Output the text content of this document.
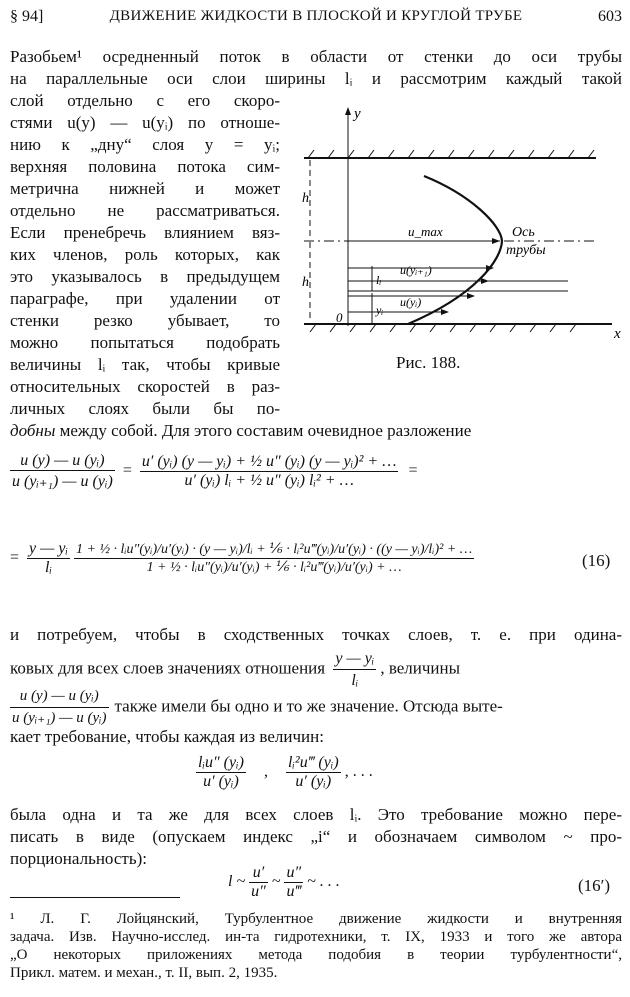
§ 94]	ДВИЖЕНИЕ ЖИДКОСТИ В ПЛОСКОЙ И КРУГЛОЙ ТРУБЕ	603
Разобьем¹ осредненный поток в области от стенки до оси трубы
на параллельные оси слои ширины lᵢ и рассмотрим каждый такой
слой отдельно с его скоро-
стями u(y) — u(yᵢ) по отноше-
нию к „дну“ слоя y = yᵢ;
верхняя половина потока сим-
метрична нижней и может
отдельно не рассматриваться.
Если пренебречь влиянием вяз-
ких членов, роль которых, как
это указывалось в предыдущем
параграфе, при удалении от
стенки резко убывает, то
можно попытаться подобрать
величины lᵢ так, чтобы кривые
относительных скоростей в раз-
личных слоях были бы по-
добны между собой. Для этого составим очевидное разложение
y
x
0
h
h
u_max	Ось
трубы
u(yᵢ₊₁)
u(yᵢ)
lᵢ
yᵢ
Рис. 188.
$\frac{\text{u (y) — u (yᵢ)}}{\text{u (yᵢ₊₁) — u (yᵢ)}} = \frac{\text{u′ (yᵢ) (y — yᵢ) + ½ u″ (yᵢ) (y — yᵢ)² + …}}{\text{u′ (yᵢ) lᵢ + ½ u″ (yᵢ) lᵢ² + …}}$ =
= $\frac{\text{y — yᵢ}}{\text{lᵢ}}$
1 + ½ · lᵢu″(yᵢ)/u′(yᵢ) · (y — yᵢ)/lᵢ + ⅙ · lᵢ²u‴(yᵢ)/u′(yᵢ) · ((y — yᵢ)/lᵢ)² + …
1 + ½ · lᵢu″(yᵢ)/u′(yᵢ) + ⅙ · lᵢ²u‴(yᵢ)/u′(yᵢ) + …	(16)
и потребуем, чтобы в сходственных точках слоев, т. е. при одина-
ковых для всех слоев значениях отношения $\frac{\text{y — yᵢ}}{\text{lᵢ}}$ , величины
$\frac{\text{u (y) — u (yᵢ)}}{\text{u (yᵢ₊₁) — u (yᵢ)}}$ также имели бы одно и то же значение. Отсюда выте-
кает требование, чтобы каждая из величин:
$\frac{\text{lᵢu″ (yᵢ)}}{\text{u′ (yᵢ)}}$ , $\frac{\text{lᵢ²u‴ (yᵢ)}}{\text{u′ (yᵢ)}}$ , . . .
была одна и та же для всех слоев lᵢ. Это требование можно пере-
писать в виде (опускаем индекс „i“ и обозначаем символом ~ про-
порциональность):
l ~ $\frac{u'}{u''}$ ~ $\frac{u''}{u‴}$ ~ . . .	(16′)
¹ Л. Г. Лойцянский, Турбулентное движение жидкости и внутренняя
задача. Изв. Научно-исслед. ин-та гидротехники, т. IX, 1933 и того же автора
„О некоторых приложениях метода подобия в теории турбулентности“,
Прикл. матем. и механ., т. II, вып. 2, 1935.
